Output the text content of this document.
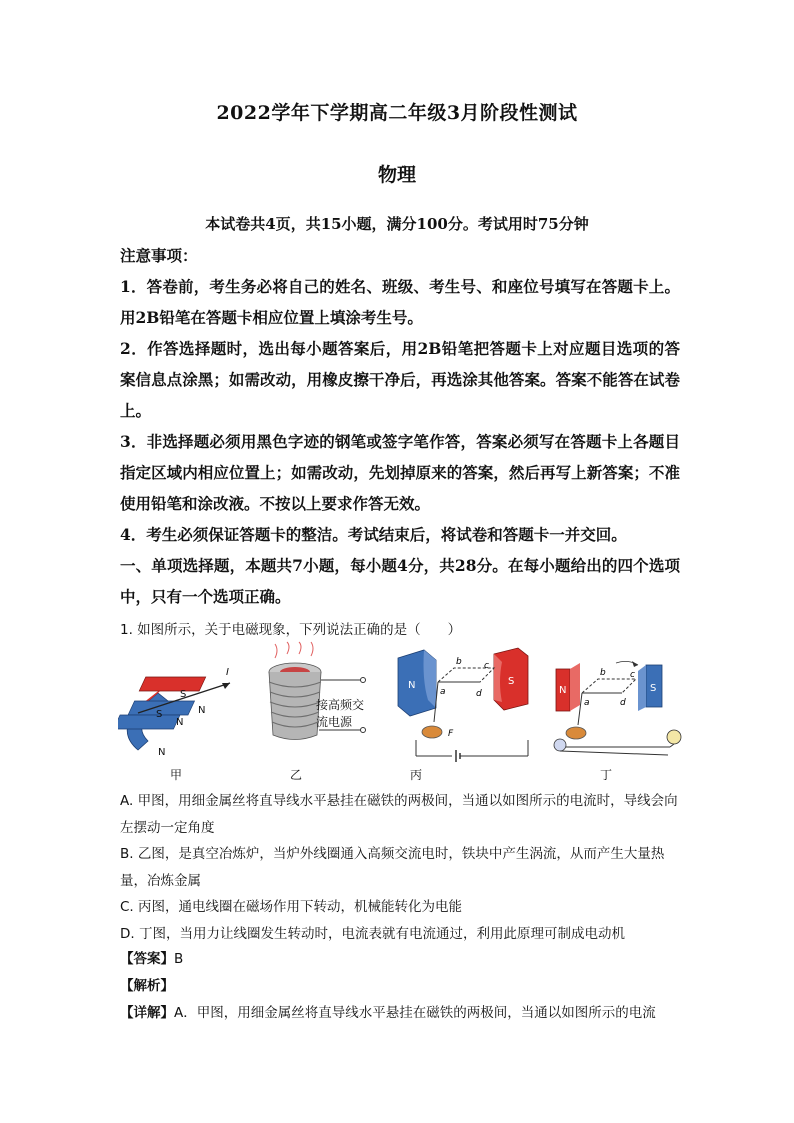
2022学年下学期高二年级3月阶段性测试
物理
本试卷共4页，共15小题，满分100分。考试用时75分钟

注意事项：

1．答卷前，考生务必将自己的姓名、班级、考生号、和座位号填写在答题卡上。用2B铅笔在答题卡相应位置上填涂考生号。

2．作答选择题时，选出每小题答案后，用2B铅笔把答题卡上对应题目选项的答案信息点涂黑；如需改动，用橡皮擦干净后，再选涂其他答案。答案不能答在试卷上。

3．非选择题必须用黑色字迹的钢笔或签字笔作答，答案必须写在答题卡上各题目指定区域内相应位置上；如需改动，先划掉原来的答案，然后再写上新答案；不准使用铅笔和涂改液。不按以上要求作答无效。

4．考生必须保证答题卡的整洁。考试结束后，将试卷和答题卡一并交回。

一、单项选择题，本题共7小题，每小题4分，共28分。在每小题给出的四个选项中，只有一个选项正确。

1. 如图所示，关于电磁现象，下列说法正确的是（　　）
S
S
N
N
N
I
甲
接高频交
流电源
乙
N	S
a
b c
d
F
丙
N	S
a
b	c
d
丁

A. 甲图，用细金属丝将直导线水平悬挂在磁铁的两极间，当通以如图所示的电流时，导线会向左摆动一定角度

B. 乙图，是真空冶炼炉，当炉外线圈通入高频交流电时，铁块中产生涡流，从而产生大量热量，冶炼金属

C. 丙图，通电线圈在磁场作用下转动，机械能转化为电能

D. 丁图，当用力让线圈发生转动时，电流表就有电流通过，利用此原理可制成电动机

【答案】B

【解析】

【详解】A．甲图，用细金属丝将直导线水平悬挂在磁铁的两极间，当通以如图所示的电流
